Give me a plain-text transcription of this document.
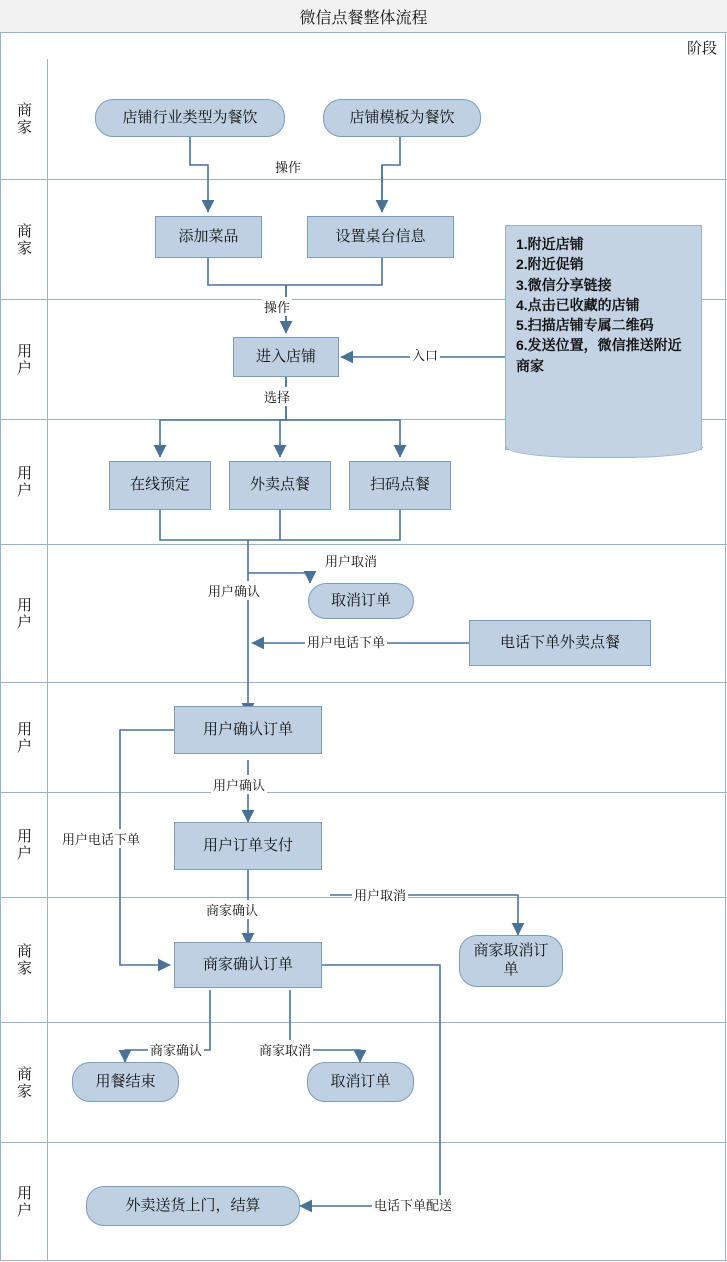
微信点餐整体流程
阶段
商家
商家
用户
用户
用户
用户
用户
商家
商家
用户
店铺行业类型为餐饮	店铺模板为餐饮
添加菜品	设置桌台信息
进入店铺
在线预定	外卖点餐	扫码点餐
取消订单
电话下单外卖点餐
用户确认订单
用户订单支付
商家确认订单
商家取消订单
用餐结束	取消订单
外卖送货上门，结算
1.附近店铺
2.附近促销
3.微信分享链接
4.点击已收藏的店铺
5.扫描店铺专属二维码
6.发送位置，微信推送附近商家
操作
操作
入口
选择
用户取消
用户确认
用户电话下单
用户确认
用户电话下单
用户取消
商家确认
商家确认	商家取消
电话下单配送
